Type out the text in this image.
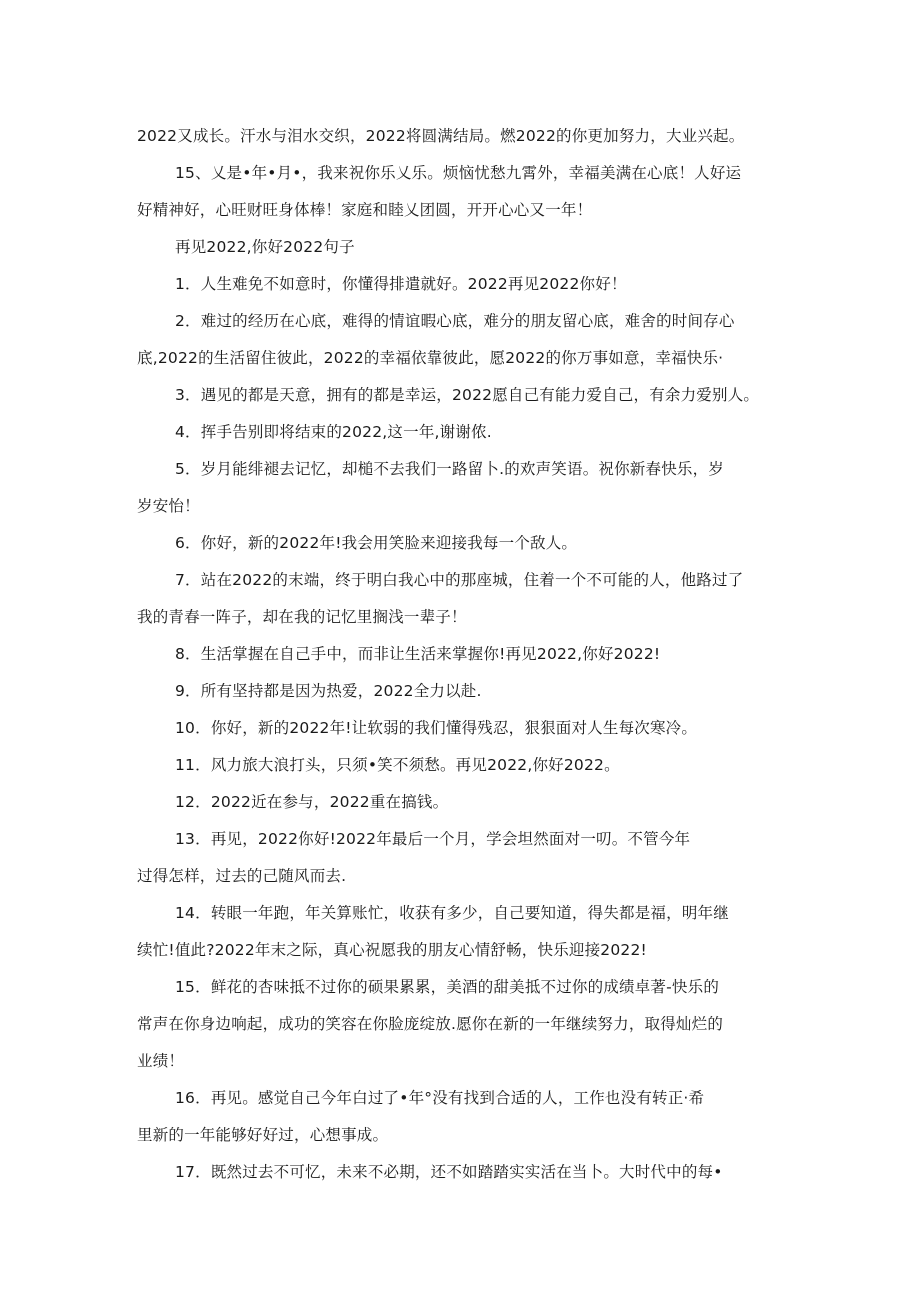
2022又成长。汗水与泪水交织，2022将圆满结局。燃2022的你更加努力，大业兴起。

15、乂是•年•月•，我来祝你乐乂乐。烦恼忧愁九霄外，幸福美满在心底！人好运

好精神好，心旺财旺身体棒！家庭和睦乂团圆，开开心心又一年！

再见2022,你好2022句子

1．人生难免不如意时，你懂得排遣就好。2022再见2022你好！

2．难过的经历在心底，难得的情谊暇心底，难分的朋友留心底，难舍的时间存心

底,2022的生活留住彼此，2022的幸福依靠彼此，愿2022的你万事如意，幸福快乐·

3．遇见的都是天意，拥有的都是幸运，2022愿自己有能力爱自己，有余力爱别人。

4．挥手告别即将结束的2022,这一年,谢谢侬.

5．岁月能绯褪去记忆，却槌不去我们一路留卜.的欢声笑语。祝你新春快乐，岁

岁安怡！

6．你好，新的2022年!我会用笑脸来迎接我每一个敌人。

7．站在2022的末端，终于明白我心中的那座城，住着一个不可能的人，他路过了

我的青春一阵子，却在我的记忆里搁浅一辈子！

8．生活掌握在自己手中，而非让生活来掌握你!再见2022,你好2022!

9．所有坚持都是因为热爱，2022全力以赴.

10．你好，新的2022年!让软弱的我们懂得残忍，狠狠面对人生每次寒冷。

11．风力旅大浪打头，只须•笑不须愁。再见2022,你好2022。

12．2022近在参与，2022重在搞钱。

13．再见，2022你好!2022年最后一个月，学会坦然面对一叨。不管今年

过得怎样，过去的己随风而去.

14．转眼一年跑，年关算账忙，收获有多少，自己要知道，得失都是福，明年继

续忙!值此?2022年末之际，真心祝愿我的朋友心情舒畅，快乐迎接2022!

15．鲜花的杏味抵不过你的硕果累累，美酒的甜美抵不过你的成绩卓著-快乐的

常声在你身边响起，成功的笑容在你脸庞绽放.愿你在新的一年继续努力，取得灿烂的

业绩！

16．再见。感觉自己今年白过了•年°没有找到合适的人，工作也没有转正·希

里新的一年能够好好过，心想事成。

17．既然过去不可忆，未来不必期，还不如踏踏实实活在当卜。大时代中的每•
